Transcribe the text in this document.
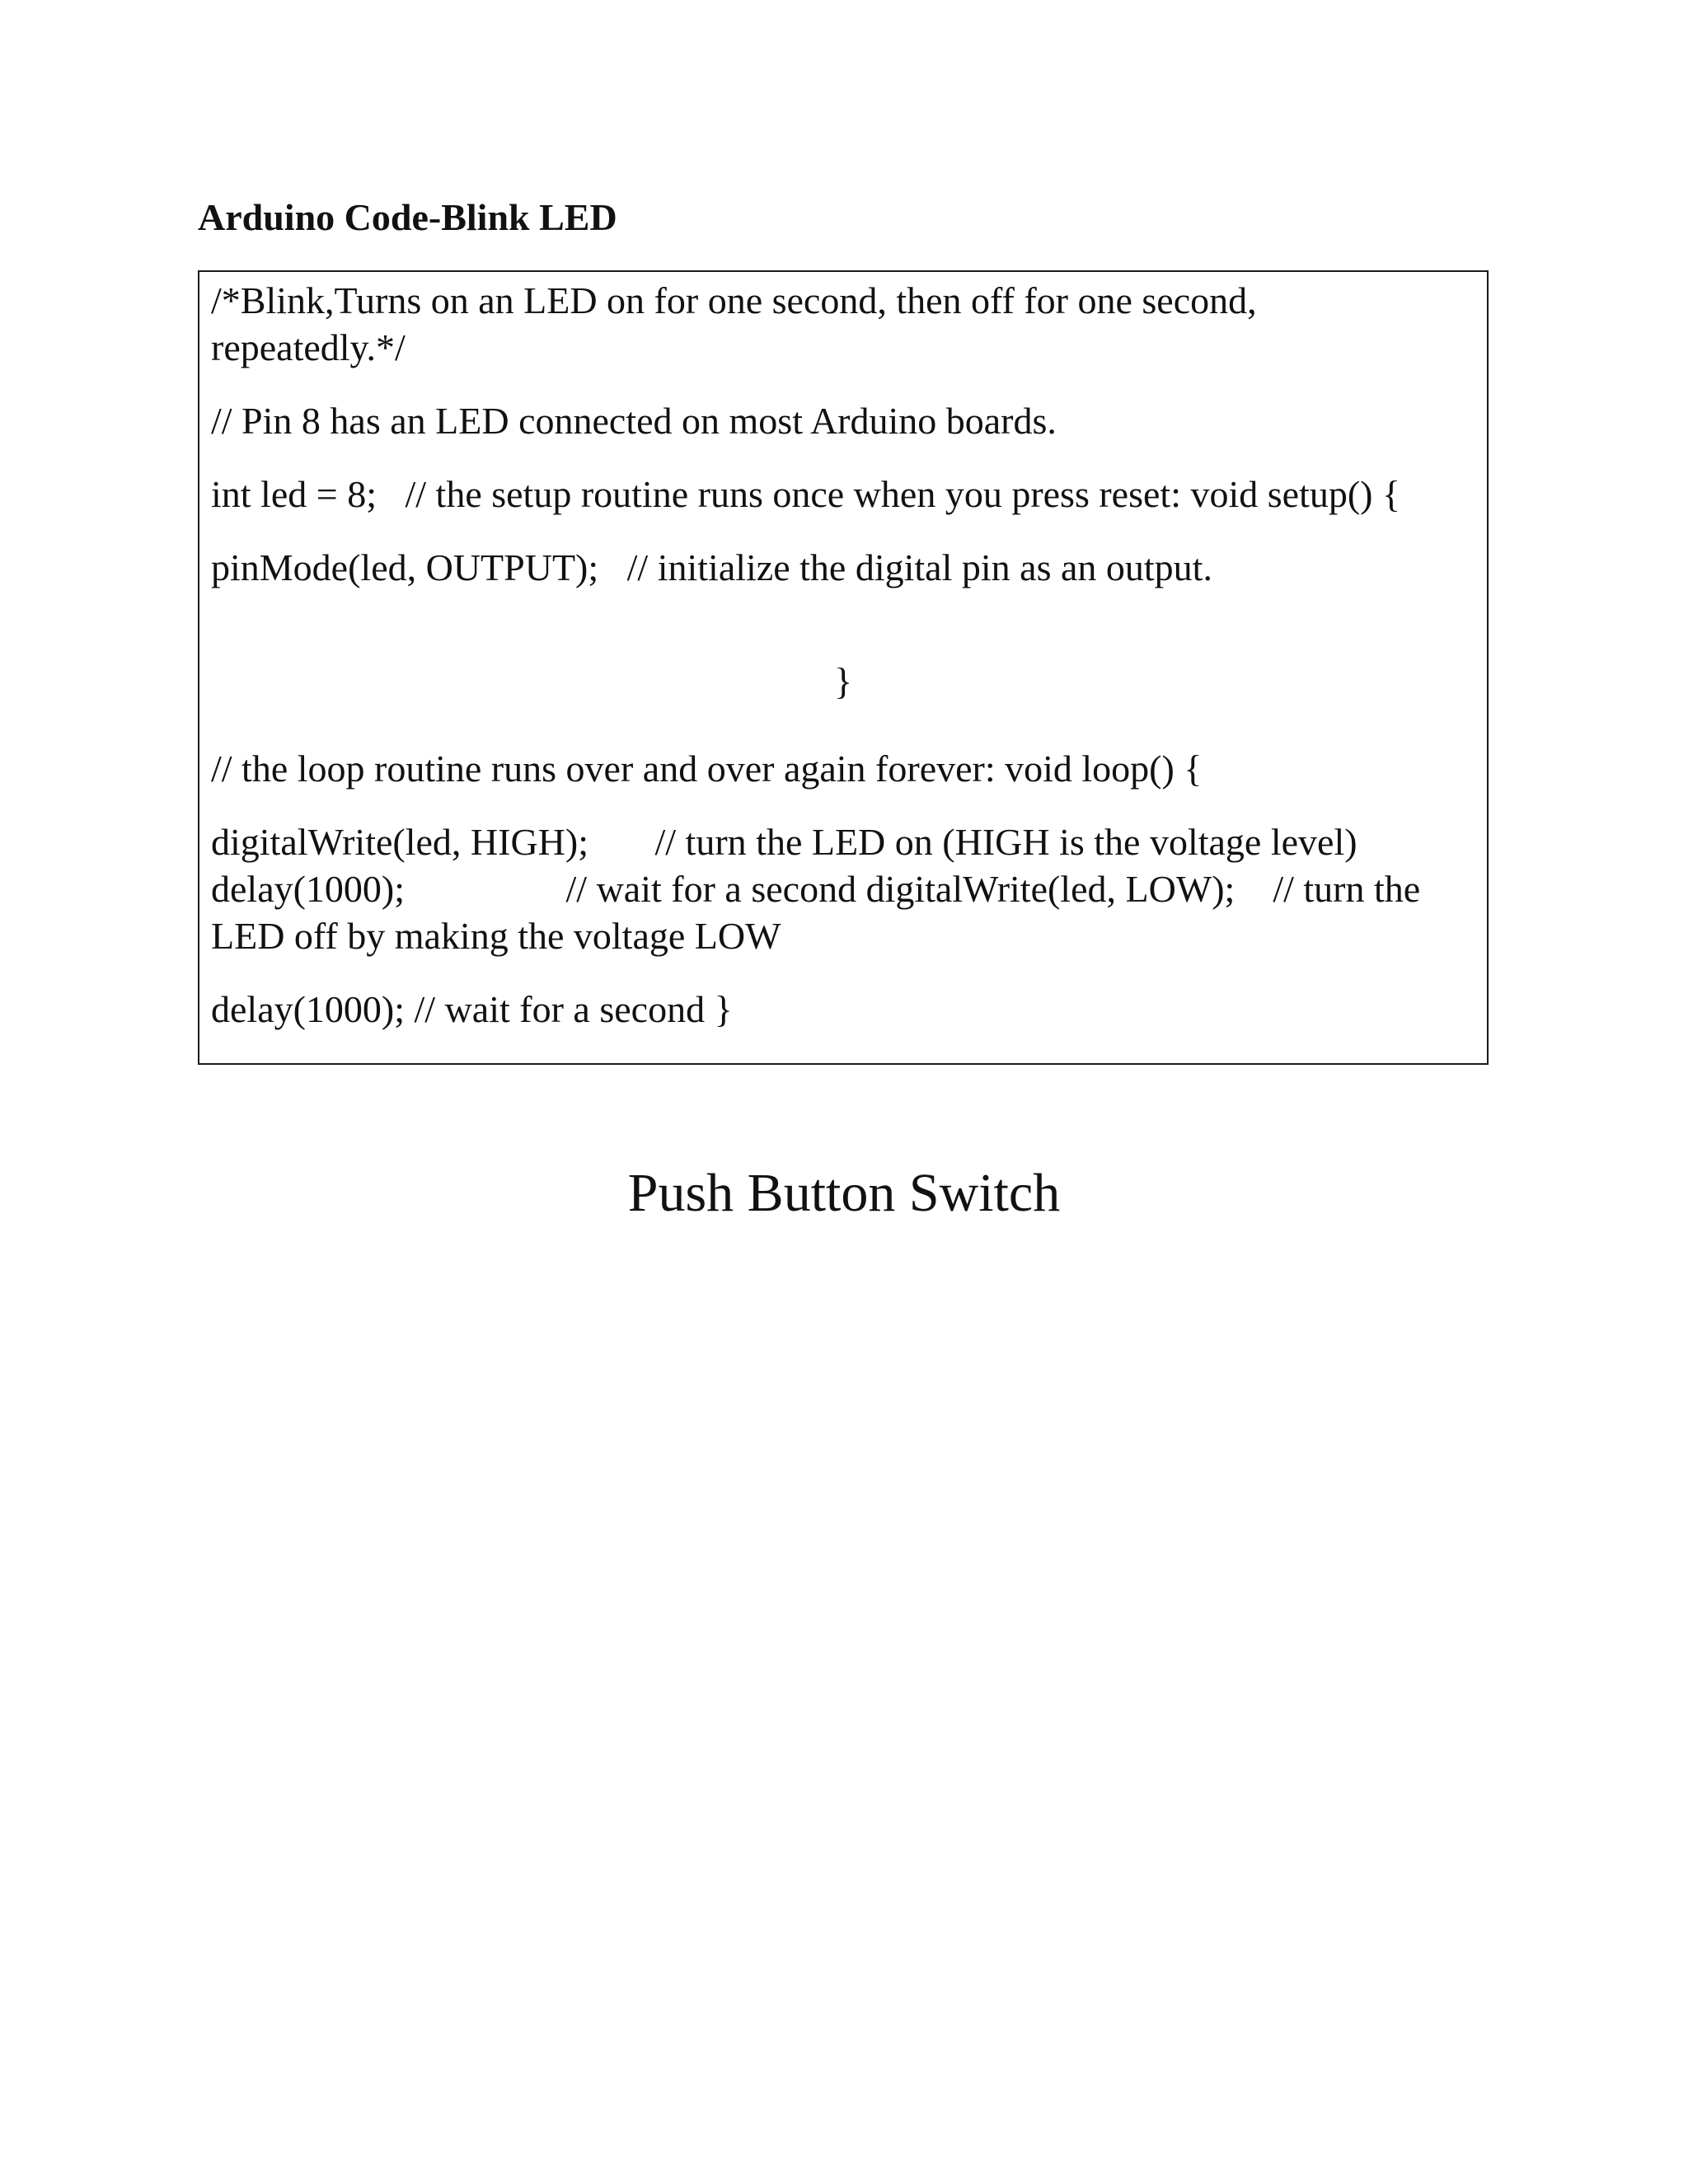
Arduino Code-Blink LED

/*Blink,Turns on an LED on for one second, then off for one second,

repeatedly.*/

// Pin 8 has an LED connected on most Arduino boards.

int led = 8;   // the setup routine runs once when you press reset: void setup() {

pinMode(led, OUTPUT);   // initialize the digital pin as an output.

}

// the loop routine runs over and over again forever: void loop() {

digitalWrite(led, HIGH);       // turn the LED on (HIGH is the voltage level)

delay(1000);                 // wait for a second digitalWrite(led, LOW);    // turn the

LED off by making the voltage LOW

delay(1000); // wait for a second }

Push Button Switch
